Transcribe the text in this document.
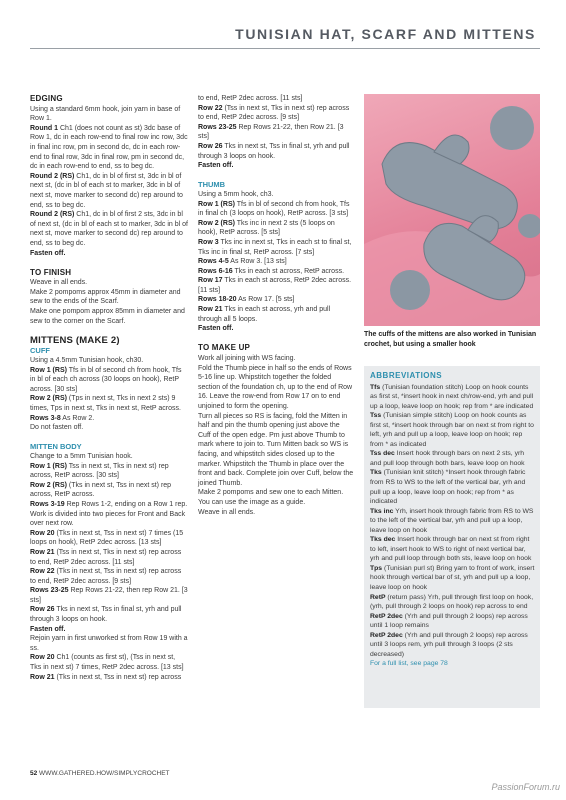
TUNISIAN HAT, SCARF AND MITTENS
EDGING

Using a standard 6mm hook, join yarn in base of Row 1.

Round 1 Ch1 (does not count as st) 3dc base of Row 1, dc in each row-end to final row inc row, 3dc in final inc row, pm in second dc, dc in each row-end to final row, 3dc in final row, pm in second dc, dc in each row-end to end, ss to beg dc.

Round 2 (RS) Ch1, dc in bl of first st, 3dc in bl of next st, (dc in bl of each st to marker, 3dc in bl of next st, move marker to second dc) rep around to end, ss to beg dc.

Round 2 (RS) Ch1, dc in bl of first 2 sts, 3dc in bl of next st, (dc in bl of each st to marker, 3dc in bl of next st, move marker to second dc) rep around to end, ss to beg dc.

Fasten off.

TO FINISH

Weave in all ends.

Make 2 pompoms approx 45mm in diameter and sew to the ends of the Scarf.

Make one pompom approx 85mm in diameter and sew to the corner on the Scarf.

MITTENS (MAKE 2)
CUFF

Using a 4.5mm Tunisian hook, ch30.

Row 1 (RS) Tfs in bl of second ch from hook, Tfs in bl of each ch across (30 loops on hook), RetP across. [30 sts]

Row 2 (RS) (Tps in next st, Tks in next 2 sts) 9 times, Tps in next st, Tks in next st, RetP across.

Rows 3-8 As Row 2.

Do not fasten off.

MITTEN BODY

Change to a 5mm Tunisian hook.

Row 1 (RS) Tss in next st, Tks in next st) rep across, RetP across. [30 sts]

Row 2 (RS) (Tks in next st, Tss in next st) rep across, RetP across.

Rows 3-19 Rep Rows 1-2, ending on a Row 1 rep.

Work is divided into two pieces for Front and Back over next row.

Row 20 (Tks in next st, Tss in next st) 7 times (15 loops on hook), RetP 2dec across. [13 sts]

Row 21 (Tss in next st, Tks in next st) rep across to end, RetP 2dec across. [11 sts]

Row 22 (Tks in next st, Tss in next st) rep across to end, RetP 2dec across. [9 sts]

Rows 23-25 Rep Rows 21-22, then rep Row 21. [3 sts]

Row 26 Tks in next st, Tss in final st, yrh and pull through 3 loops on hook.

Fasten off.

Rejoin yarn in first unworked st from Row 19 with a ss.

Row 20 Ch1 (counts as first st), (Tss in next st, Tks in next st) 7 times, RetP 2dec across. [13 sts]

Row 21 (Tks in next st, Tss in next st) rep across

to end, RetP 2dec across. [11 sts]

Row 22 (Tss in next st, Tks in next st) rep across to end, RetP 2dec across. [9 sts]

Rows 23-25 Rep Rows 21-22, then Row 21. [3 sts]

Row 26 Tks in next st, Tss in final st, yrh and pull through 3 loops on hook.

Fasten off.

THUMB

Using a 5mm hook, ch3.

Row 1 (RS) Tfs in bl of second ch from hook, Tfs in final ch (3 loops on hook), RetP across. [3 sts]

Row 2 (RS) Tks inc in next 2 sts (5 loops on hook), RetP across. [5 sts]

Row 3 Tks inc in next st, Tks in each st to final st, Tks inc in final st, RetP across. [7 sts]

Rows 4-5 As Row 3. [13 sts]

Rows 6-16 Tks in each st across, RetP across.

Row 17 Tks in each st across, RetP 2dec across. [11 sts]

Rows 18-20 As Row 17. [5 sts]

Row 21 Tks in each st across, yrh and pull through all 5 loops.

Fasten off.

TO MAKE UP

Work all joining with WS facing.

Fold the Thumb piece in half so the ends of Rows 5-16 line up. Whipstitch together the folded section of the foundation ch, up to the end of Row 16. Leave the row-end from Row 17 on to end unjoined to form the opening.

Turn all pieces so RS is facing, fold the Mitten in half and pin the thumb opening just above the Cuff of the open edge. Pm just above Thumb to mark where to join to. Turn Mitten back so WS is facing, and whipstitch sides closed up to the marker. Whipstitch the Thumb in place over the front and back. Complete join over Cuff, below the joined Thumb.

Make 2 pompoms and sew one to each Mitten. You can use the image as a guide.

Weave in all ends.

The cuffs of the mittens are also worked in Tunisian crochet, but using a smaller hook
ABBREVIATIONS

Tfs (Tunisian foundation stitch) Loop on hook counts as first st, *insert hook in next ch/row-end, yrh and pull up a loop, leave loop on hook; rep from * are indicated

Tss (Tunisian simple stitch) Loop on hook counts as first st, *insert hook through bar on next st from right to left, yrh and pull up a loop, leave loop on hook; rep from * as indicated

Tss dec Insert hook through bars on next 2 sts, yrh and pull loop through both bars, leave loop on hook

Tks (Tunisian knit stitch) *Insert hook through fabric from RS to WS to the left of the vertical bar, yrh and pull up a loop, leave loop on hook; rep from * as indicated

Tks inc Yrh, insert hook through fabric from RS to WS to the left of the vertical bar, yrh and pull up a loop, leave loop on hook

Tks dec Insert hook through bar on next st from right to left, insert hook to WS to right of next vertical bar, yrh and pull loop through both sts, leave loop on hook

Tps (Tunisian purl st) Bring yarn to front of work, insert hook through vertical bar of st, yrh and pull up a loop, leave loop on hook

RetP (return pass) Yrh, pull through first loop on hook, (yrh, pull through 2 loops on hook) rep across to end

RetP 2dec (Yrh and pull through 2 loops) rep across until 1 loop remains

RetP 2dec (Yrh and pull through 2 loops) rep across until 3 loops rem, yrh pull through 3 loops (2 sts decreased)

For a full list, see page 78

52 WWW.GATHERED.HOW/SIMPLYCROCHET
PassionForum.ru
